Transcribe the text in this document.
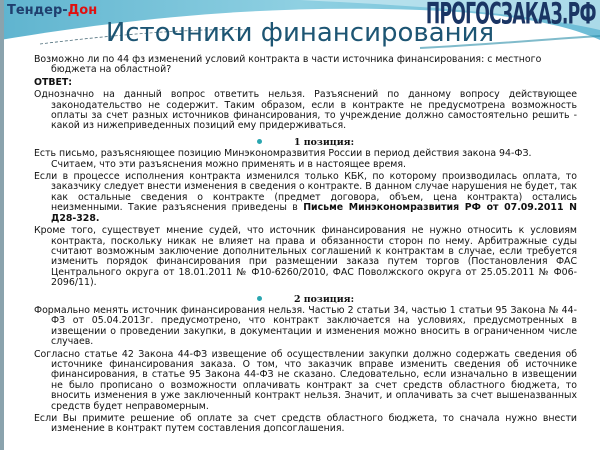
Тендер-Дон	ПРОГОСЗАКАЗ.РФ
Источники финансирования

Возможно ли по 44 фз изменений условий контракта в части источника финансирования: с местного бюджета на областной?

ОТВЕТ:

Однозначно на данный вопрос ответить нельзя. Разъяснений по данному вопросу действующее законодательство не содержит. Таким образом, если в контракте не предусмотрена возможность оплаты за счет разных источников финансирования, то учреждение должно самостоятельно решить - какой из нижеприведенных позиций ему придерживаться.

1 позиция:

Есть письмо, разъясняющее позицию Минэкономразвития России в период действия закона 94-ФЗ. Считаем, что эти разъяснения можно применять и в настоящее время.

Если в процессе исполнения контракта изменился только КБК, по которому производилась оплата, то заказчику следует внести изменения в сведения о контракте. В данном случае нарушения не будет, так как остальные сведения о контракте (предмет договора, объем, цена контракта) остались неизменными. Такие разъяснения приведены в Письме Минэкономразвития РФ от 07.09.2011 N Д28-328.

Кроме того, существует мнение судей, что источник финансирования не нужно относить к условиям контракта, поскольку никак не влияет на права и обязанности сторон по нему. Арбитражные суды считают возможным заключение дополнительных соглашений к контрактам в случае, если требуется изменить порядок финансирования при размещении заказа путем торгов (Постановления ФАС Центрального округа от 18.01.2011 № Ф10-6260/2010, ФАС Поволжского округа от 25.05.2011 № Ф06-2096/11).

2 позиция:

Формально менять источник финансирования нельзя. Частью 2 статьи 34, частью 1 статьи 95 Закона № 44-ФЗ от 05.04.2013г. предусмотрено, что контракт заключается на условиях, предусмотренных в извещении о проведении закупки, в документации и изменения можно вносить в ограниченном числе случаев.

Согласно статье 42 Закона 44-ФЗ извещение об осуществлении закупки должно содержать сведения об источнике финансирования заказа. О том, что заказчик вправе изменить сведения об источнике финансирования, в статье 95 Закона 44-ФЗ не сказано. Следовательно, если изначально в извещении не было прописано о возможности оплачивать контракт за счет средств областного бюджета, то вносить изменения в уже заключенный контракт нельзя. Значит, и оплачивать за счет вышеназванных средств будет неправомерным.

Если Вы примите решение об оплате за счет средств областного бюджета, то сначала нужно внести изменение в контракт путем составления допсоглашения.
